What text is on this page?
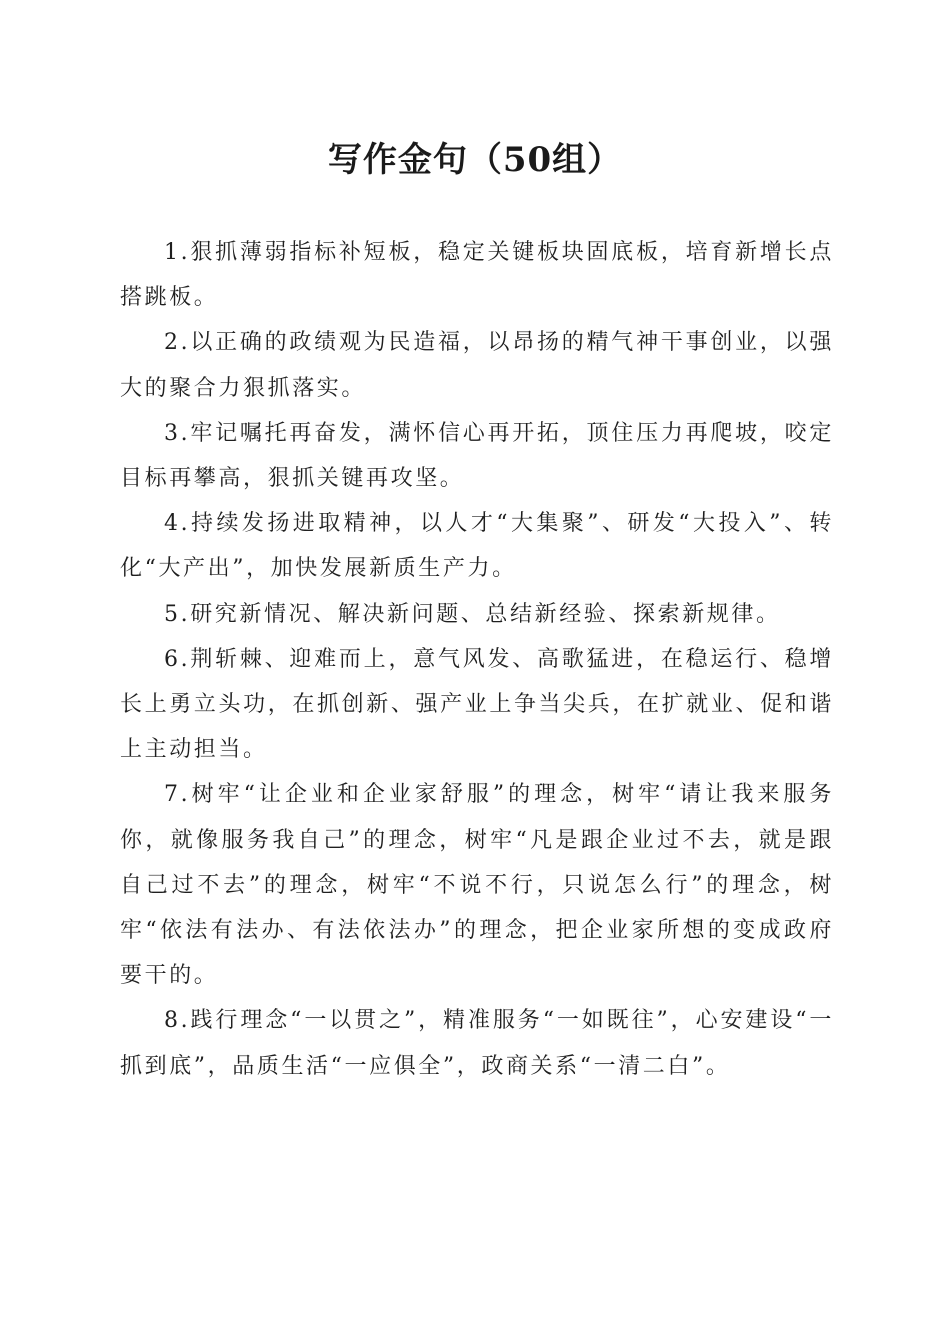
写作金句（50组）

1.狠抓薄弱指标补短板，稳定关键板块固底板，培育新增长点搭跳板。

2.以正确的政绩观为民造福，以昂扬的精气神干事创业，以强大的聚合力狠抓落实。

3.牢记嘱托再奋发，满怀信心再开拓，顶住压力再爬坡，咬定目标再攀高，狠抓关键再攻坚。

4.持续发扬进取精神，以人才“大集聚”、研发“大投入”、转化“大产出”，加快发展新质生产力。

5.研究新情况、解决新问题、总结新经验、探索新规律。

6.荆斩棘、迎难而上，意气风发、高歌猛进，在稳运行、稳增长上勇立头功，在抓创新、强产业上争当尖兵，在扩就业、促和谐上主动担当。

7.树牢“让企业和企业家舒服”的理念，树牢“请让我来服务你，就像服务我自己”的理念，树牢“凡是跟企业过不去，就是跟自己过不去”的理念，树牢“不说不行，只说怎么行”的理念，树牢“依法有法办、有法依法办”的理念，把企业家所想的变成政府要干的。

8.践行理念“一以贯之”，精准服务“一如既往”，心安建设“一抓到底”，品质生活“一应俱全”，政商关系“一清二白”。
